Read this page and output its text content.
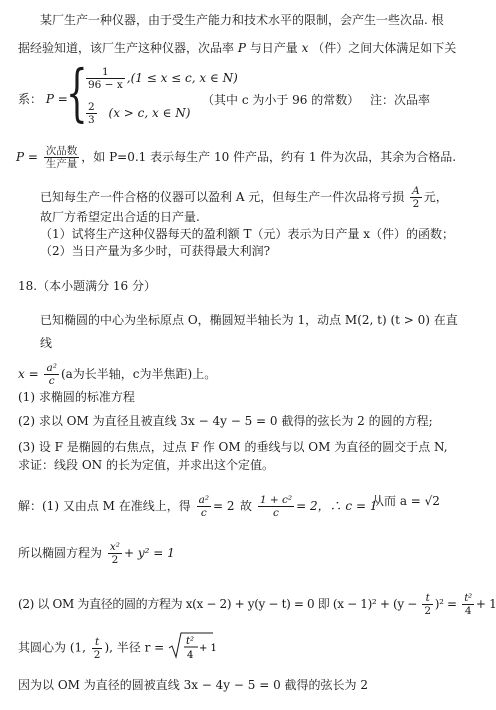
某厂生产一种仪器，由于受生产能力和技术水平的限制，会产生一些次品. 根
据经验知道，该厂生产这种仪器，次品率 P 与日产量 x （件）之间大体满足如下关
系： P =
{
$\frac{1}{96 - x} ,(1 \le x \le c$, x ∈ N)
$\frac{2}{3} (x > c$, x ∈ N)
（其中 c 为小于 96 的常数） 注：次品率
$P = \frac{\text{次品数}}{\text{生产量}}$ ，如 P=0.1 表示每生产 10 件产品，约有 1 件为次品，其余为合格品.
已知每生产一件合格的仪器可以盈利 A 元，但每生产一件次品将亏损 $\frac{A}{2}$ 元，
故厂方希望定出合适的日产量.
（1）试将生产这种仪器每天的盈利额 T（元）表示为日产量 x（件）的函数；
（2）当日产量为多少时，可获得最大利润?
18.（本小题满分 16 分）
已知椭圆的中心为坐标原点 O，椭圆短半轴长为 1，动点 M(2, t) (t > 0) 在直
线
$x = \frac{\text{a²}}{c} (a$为长半轴，c为半焦距)上。
(1) 求椭圆的标准方程
(2) 求以 OM 为直径且被直线 3x − 4y − 5 = 0 截得的弦长为 2 的圆的方程;
(3) 设 F 是椭圆的右焦点，过点 F 作 OM 的垂线与以 OM 为直径的圆交于点 N,
求证：线段 ON 的长为定值，并求出这个定值。
解：(1) 又由点 M 在准线上，得 $\frac{\text{a²}}{c} = 2$ 故 $\frac{\text{1 + c²}}{c} = 2$，∴ c = 1
从而 a = √2
所以椭圆方程为 $\frac{\text{x²}}{2} + y^2 = 1$
(2) 以 OM 为直径的圆的方程为 x(x − 2) + y(y − t) = 0 即 $(x - 1)^2 + (y - \frac{t}{2} )^2 = \frac{\text{t²}}{4} + 1$
其圆心为 (1, $\frac{t}{2}$ ), 半径 r = t²
4
+ 1
因为以 OM 为直径的圆被直线 3x − 4y − 5 = 0 截得的弦长为 2
